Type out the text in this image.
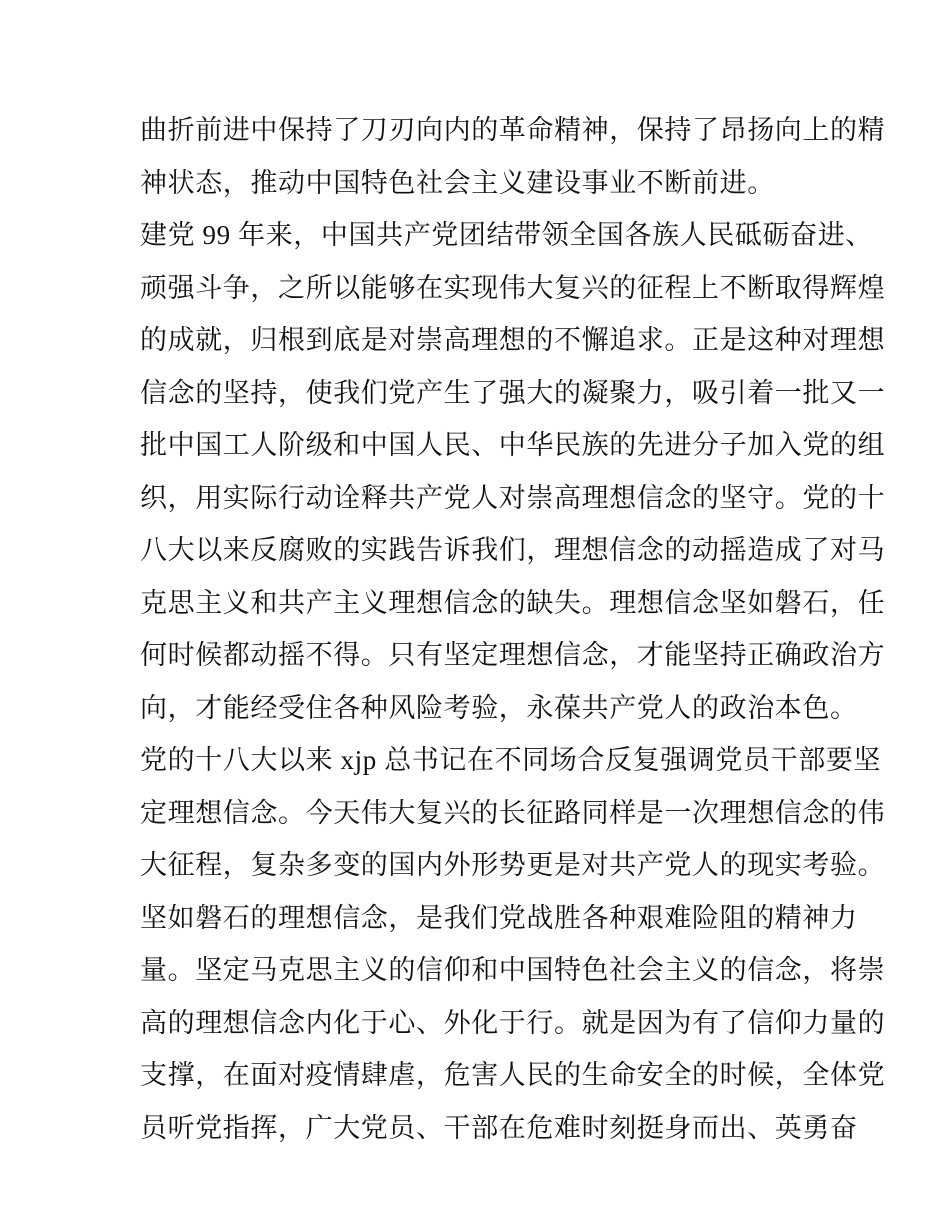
曲折前进中保持了刀刃向内的革命精神，保持了昂扬向上的精
神状态，推动中国特色社会主义建设事业不断前进。
建党 99 年来，中国共产党团结带领全国各族人民砥砺奋进、
顽强斗争，之所以能够在实现伟大复兴的征程上不断取得辉煌
的成就，归根到底是对崇高理想的不懈追求。正是这种对理想
信念的坚持，使我们党产生了强大的凝聚力，吸引着一批又一
批中国工人阶级和中国人民、中华民族的先进分子加入党的组
织，用实际行动诠释共产党人对崇高理想信念的坚守。党的十
八大以来反腐败的实践告诉我们，理想信念的动摇造成了对马
克思主义和共产主义理想信念的缺失。理想信念坚如磐石，任
何时候都动摇不得。只有坚定理想信念，才能坚持正确政治方
向，才能经受住各种风险考验，永葆共产党人的政治本色。
党的十八大以来 xjp 总书记在不同场合反复强调党员干部要坚
定理想信念。今天伟大复兴的长征路同样是一次理想信念的伟
大征程，复杂多变的国内外形势更是对共产党人的现实考验。
坚如磐石的理想信念，是我们党战胜各种艰难险阻的精神力
量。坚定马克思主义的信仰和中国特色社会主义的信念，将崇
高的理想信念内化于心、外化于行。就是因为有了信仰力量的
支撑，在面对疫情肆虐，危害人民的生命安全的时候，全体党
员听党指挥，广大党员、干部在危难时刻挺身而出、英勇奋
